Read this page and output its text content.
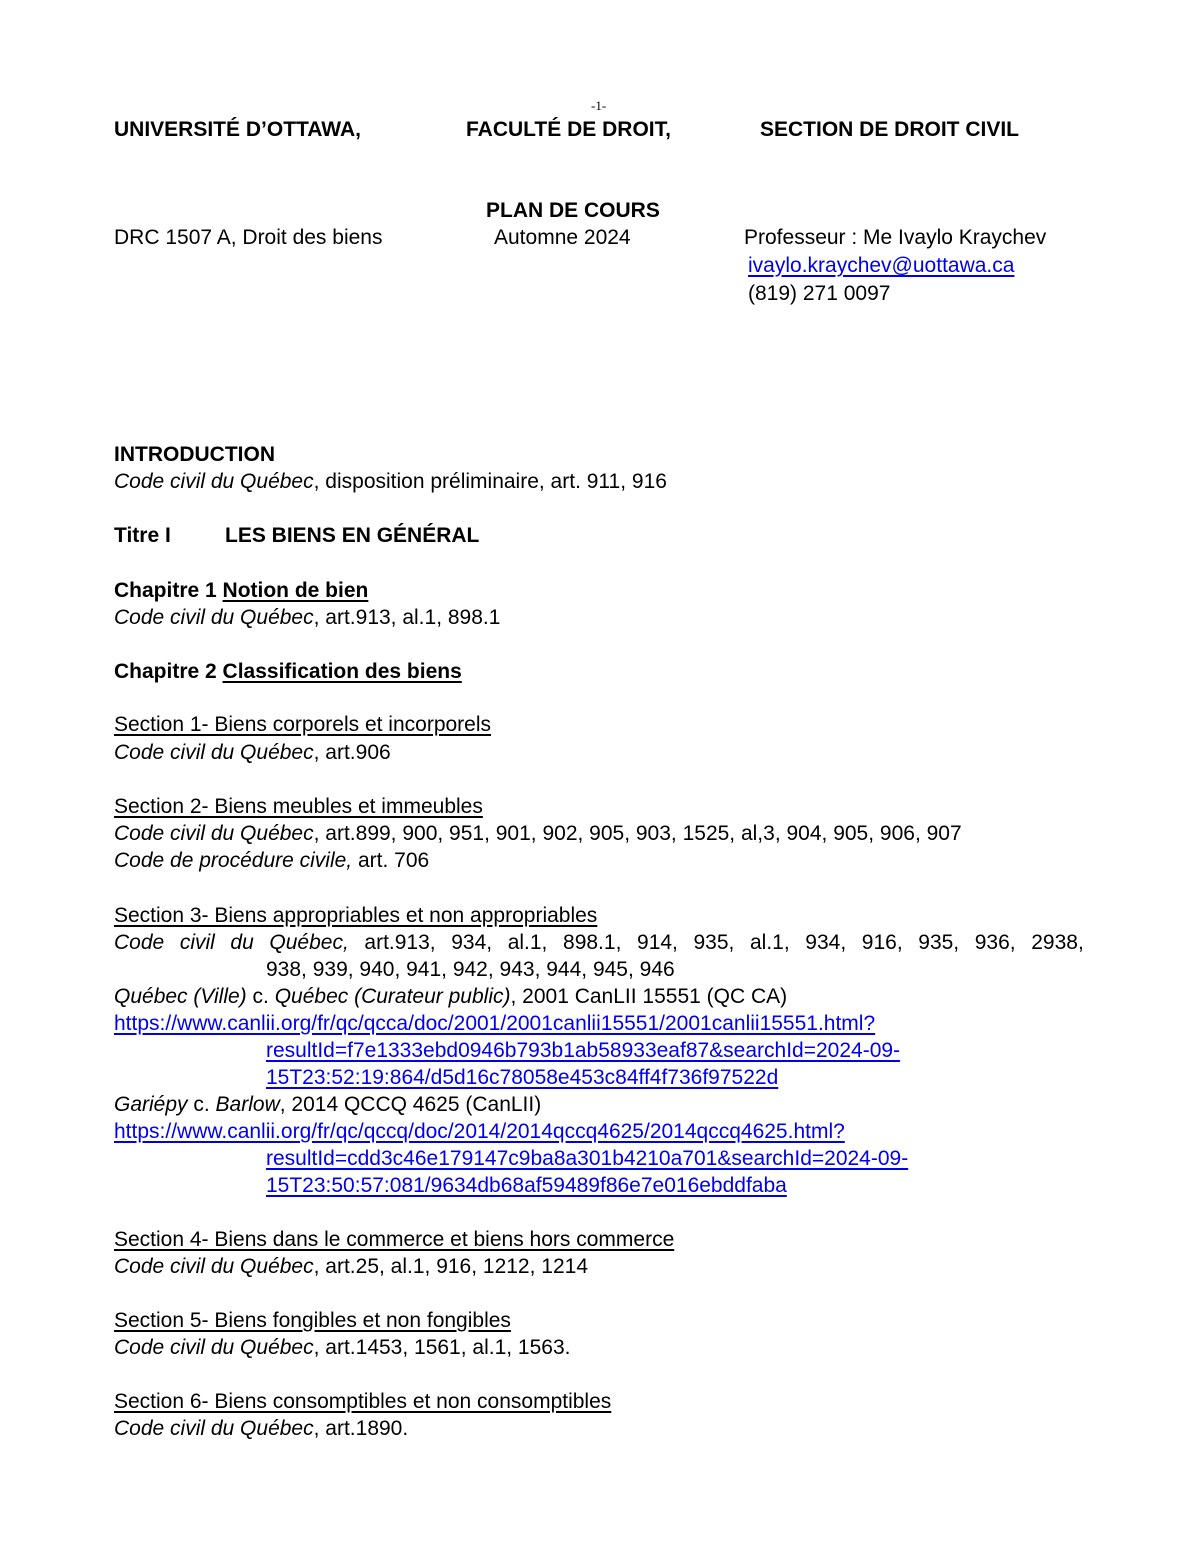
-1-
UNIVERSITÉ D’OTTAWA,	FACULTÉ DE DROIT,	SECTION DE DROIT CIVIL
PLAN DE COURS
DRC 1507 A, Droit des biens	Automne 2024	Professeur : Me Ivaylo Kraychev
ivaylo.kraychev@uottawa.ca
(819) 271 0097
INTRODUCTION
Code civil du Québec, disposition préliminaire, art. 911, 916
Titre I	LES BIENS EN GÉNÉRAL
Chapitre 1 Notion de bien
Code civil du Québec, art.913, al.1, 898.1
Chapitre 2 Classification des biens
Section 1- Biens corporels et incorporels
Code civil du Québec, art.906
Section 2- Biens meubles et immeubles
Code civil du Québec, art.899, 900, 951, 901, 902, 905, 903, 1525, al,3, 904, 905, 906, 907
Code de procédure civile, art. 706
Section 3- Biens appropriables et non appropriables
Code civil du Québec, art.913, 934, al.1, 898.1, 914, 935, al.1, 934, 916, 935, 936, 2938,
938, 939, 940, 941, 942, 943, 944, 945, 946
Québec (Ville) c. Québec (Curateur public), 2001 CanLII 15551 (QC CA)
https://www.canlii.org/fr/qc/qcca/doc/2001/2001canlii15551/2001canlii15551.html?
resultId=f7e1333ebd0946b793b1ab58933eaf87&searchId=2024-09-
15T23:52:19:864/d5d16c78058e453c84ff4f736f97522d
Gariépy c. Barlow, 2014 QCCQ 4625 (CanLII)
https://www.canlii.org/fr/qc/qccq/doc/2014/2014qccq4625/2014qccq4625.html?
resultId=cdd3c46e179147c9ba8a301b4210a701&searchId=2024-09-
15T23:50:57:081/9634db68af59489f86e7e016ebddfaba
Section 4- Biens dans le commerce et biens hors commerce
Code civil du Québec, art.25, al.1, 916, 1212, 1214
Section 5- Biens fongibles et non fongibles
Code civil du Québec, art.1453, 1561, al.1, 1563.
Section 6- Biens consomptibles et non consomptibles
Code civil du Québec, art.1890.
